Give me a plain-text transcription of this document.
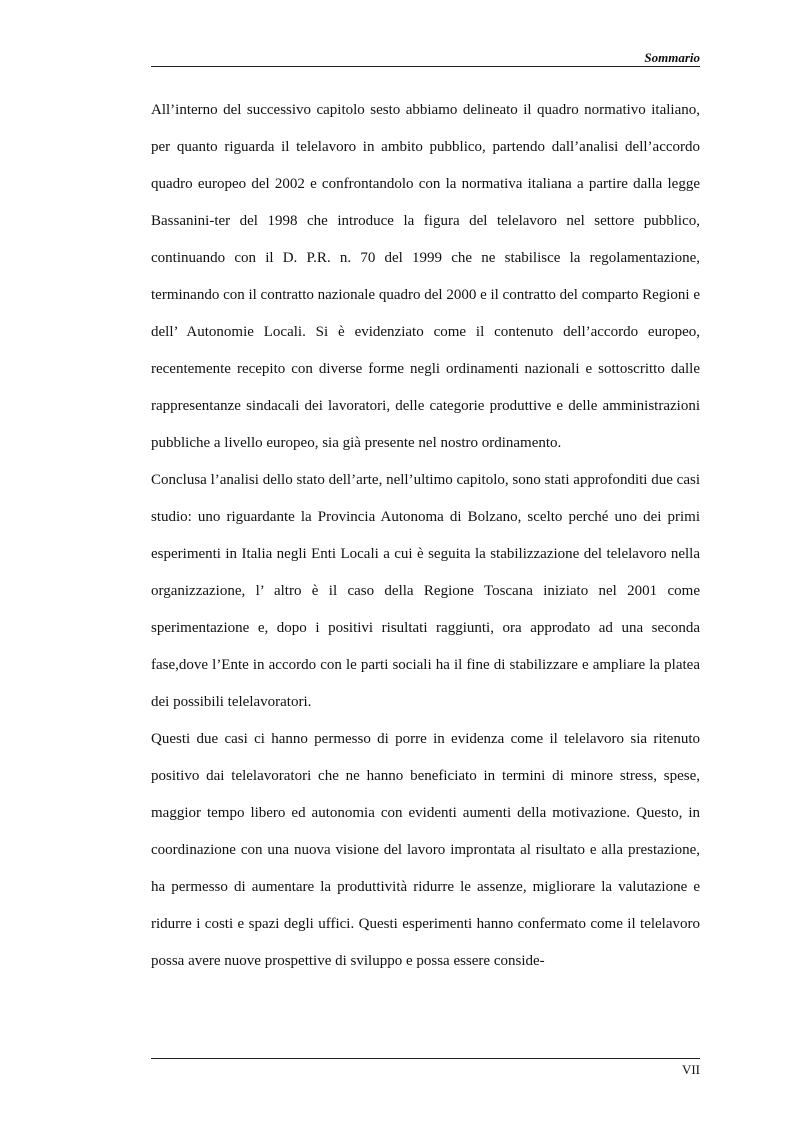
Sommario

All’interno del successivo capitolo sesto abbiamo delineato il quadro normativo italiano, per quanto riguarda il telelavoro in ambito pubblico, partendo dall’analisi dell’accordo quadro europeo del 2002 e confrontandolo con la normativa italiana a partire dalla legge Bassanini-ter del 1998 che introduce la figura del telelavoro nel settore pubblico, continuando con il D. P.R. n. 70 del 1999 che ne stabilisce la regolamentazione, terminando con il contratto nazionale quadro del 2000 e il contratto del comparto Regioni e dell’ Autonomie Locali. Si è evidenziato come il contenuto dell’accordo europeo, recentemente recepito con diverse forme negli ordinamenti nazionali e sottoscritto dalle rappresentanze sindacali dei lavoratori, delle categorie produttive e delle amministrazioni pubbliche a livello europeo, sia già presente nel nostro ordinamento.

Conclusa l’analisi dello stato dell’arte, nell’ultimo capitolo, sono stati approfonditi due casi studio: uno riguardante la Provincia Autonoma di Bolzano, scelto perché uno dei primi esperimenti in Italia negli Enti Locali a cui è seguita la stabilizzazione del telelavoro nella organizzazione, l’ altro è il caso della Regione Toscana iniziato nel 2001 come sperimentazione e, dopo i positivi risultati raggiunti, ora approdato ad una seconda fase,dove l’Ente in accordo con le parti sociali ha il fine di stabilizzare e ampliare la platea dei possibili telelavoratori.

Questi due casi ci hanno permesso di porre in evidenza come il telelavoro sia ritenuto positivo dai telelavoratori che ne hanno beneficiato in termini di minore stress, spese, maggior tempo libero ed autonomia con evidenti aumenti della motivazione. Questo, in coordinazione con una nuova visione del lavoro improntata al risultato e alla prestazione, ha permesso di aumentare la produttività ridurre le assenze, migliorare la valutazione e ridurre i costi e spazi degli uffici. Questi esperimenti hanno confermato come il telelavoro possa avere nuove prospettive di sviluppo e possa essere conside-

VII
